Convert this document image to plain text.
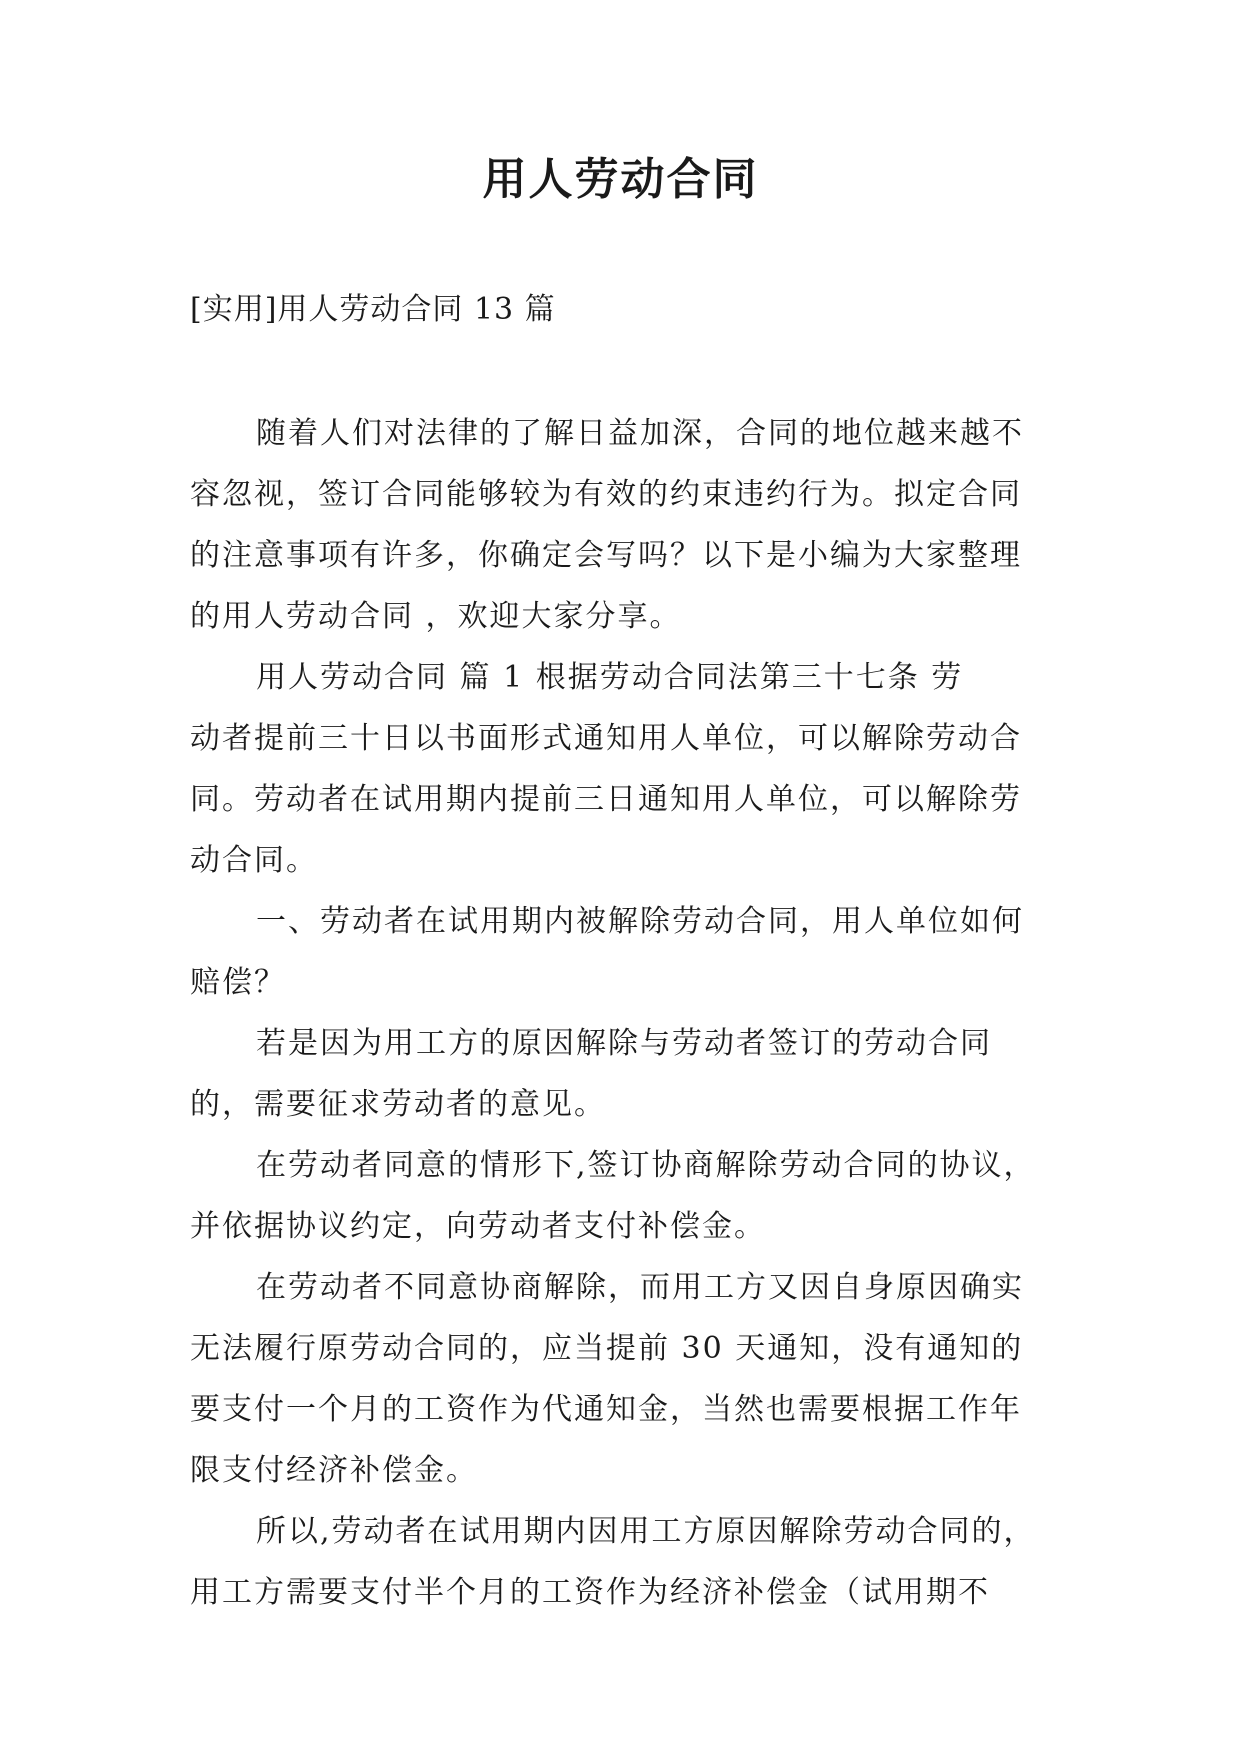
用人劳动合同
[实用]用人劳动合同 13 篇
随着人们对法律的了解日益加深，合同的地位越来越不
容忽视，签订合同能够较为有效的约束违约行为。拟定合同
的注意事项有许多，你确定会写吗？以下是小编为大家整理
的用人劳动合同 ，欢迎大家分享。
用人劳动合同 篇 1 根据劳动合同法第三十七条 劳
动者提前三十日以书面形式通知用人单位，可以解除劳动合
同。劳动者在试用期内提前三日通知用人单位，可以解除劳
动合同。
一、劳动者在试用期内被解除劳动合同，用人单位如何
赔偿？
若是因为用工方的原因解除与劳动者签订的劳动合同
的，需要征求劳动者的意见。
在劳动者同意的情形下,签订协商解除劳动合同的协议，
并依据协议约定，向劳动者支付补偿金。
在劳动者不同意协商解除，而用工方又因自身原因确实
无法履行原劳动合同的，应当提前 30 天通知，没有通知的
要支付一个月的工资作为代通知金，当然也需要根据工作年
限支付经济补偿金。
所以,劳动者在试用期内因用工方原因解除劳动合同的，
用工方需要支付半个月的工资作为经济补偿金（试用期不
